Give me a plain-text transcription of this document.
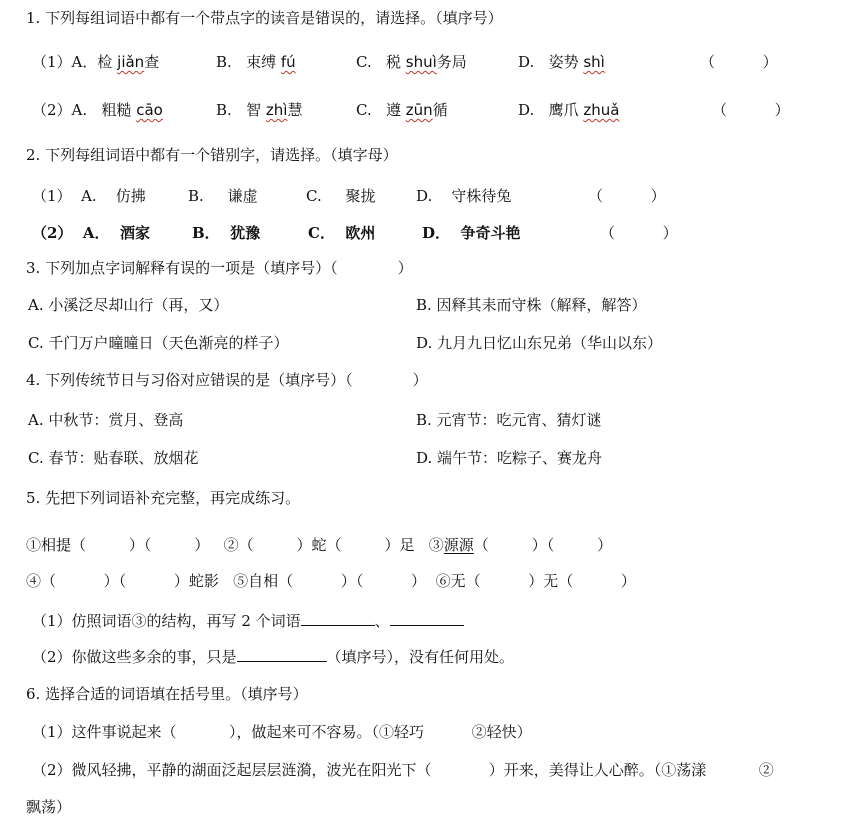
1. 下列每组词语中都有一个带点字的读音是错误的，请选择。（填序号）
（1）A．检 jiǎn查	B.   束缚 fú	C.   税 shuì务局	D.   姿势 shì	（          ）
（2）A.   粗糙 cāo	B.   智 zhì慧	C.   遵 zūn循	D.   鹰爪 zhuǎ	（          ）
2. 下列每组词语中都有一个错别字，请选择。（填字母）
（1）  A.    仿拂	B.     谦虚	C.     聚拢	D.    守株待兔	（          ）
（2）  A．  酒家	B．  犹豫	C．  欧州	D．  争奇斗艳	（          ）
3. 下列加点字词解释有误的一项是（填序号）（	）
A. 小溪泛尽却山行（再，又）	B. 因释其耒而守株（解释，解答）
C. 千门万户曈曈日（天色渐亮的样子）	D. 九月九日忆山东兄弟（华山以东）
4. 下列传统节日与习俗对应错误的是（填序号）（	）
A. 中秋节：赏月、登高	B. 元宵节：吃元宵、猜灯谜
C. 春节：贴春联、放烟花	D. 端午节：吃粽子、赛龙舟
5. 先把下列词语补充完整，再完成练习。
①相提（         ）（         ）   ②（         ）蛇（         ）足   ③源源（         ）（         ）
④（          ）（          ）蛇影   ⑤自相（          ）（          ）  ⑥无（          ）无（          ）
（1）仿照词语③的结构，再写 2 个词语	、
（2）你做这些多余的事，只是	（填序号），没有任何用处。
6. 选择合适的词语填在括号里。（填序号）
（1）这件事说起来（           ），做起来可不容易。（①轻巧          ②轻快）
（2）微风轻拂，平静的湖面泛起层层涟漪，波光在阳光下（            ）开来，美得让人心醉。（①荡漾           ②
飘荡）
